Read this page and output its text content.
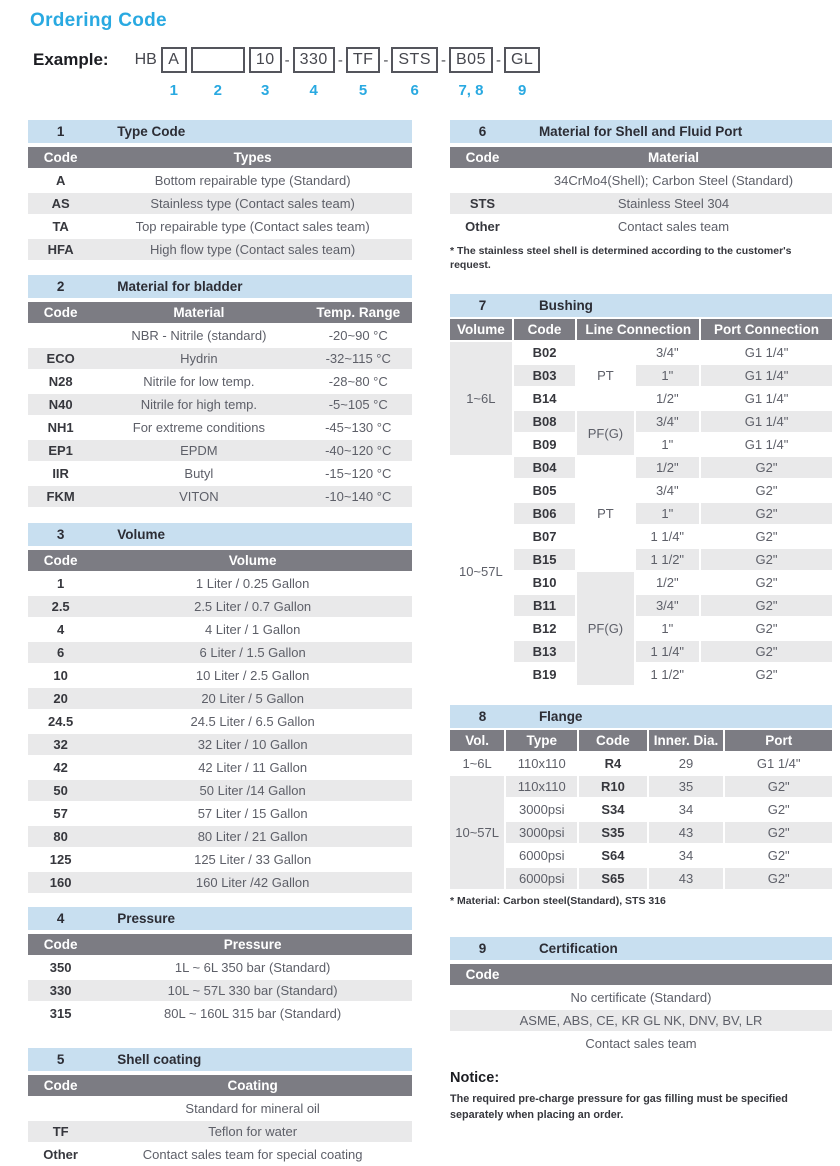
Ordering Code
Example: HB A
1 2
10
3
- 330
4
- TF
5
- STS
6
- B05
7, 8
- GL
9
1	Type Code
Code	Types
A	Bottom repairable type (Standard)
AS	Stainless type (Contact sales team)
TA	Top repairable type (Contact sales team)
HFA	High flow type (Contact sales team)
2	Material for bladder
Code	Material	Temp. Range
	NBR - Nitrile (standard)	-20~90 °C
ECO	Hydrin	-32~115 °C
N28	Nitrile for low temp.	-28~80 °C
N40	Nitrile for high temp.	-5~105 °C
NH1	For extreme conditions	-45~130 °C
EP1	EPDM	-40~120 °C
IIR	Butyl	-15~120 °C
FKM	VITON	-10~140 °C
3	Volume
Code	Volume
1	1 Liter / 0.25 Gallon
2.5	2.5 Liter / 0.7 Gallon
4	4 Liter / 1 Gallon
6	6 Liter / 1.5 Gallon
10	10 Liter / 2.5 Gallon
20	20 Liter / 5 Gallon
24.5	24.5 Liter / 6.5 Gallon
32	32 Liter / 10 Gallon
42	42 Liter / 11 Gallon
50	50 Liter /14 Gallon
57	57 Liter / 15 Gallon
80	80 Liter / 21 Gallon
125	125 Liter / 33 Gallon
160	160 Liter /42 Gallon
4	Pressure
Code	Pressure
350	1L ~ 6L 350 bar (Standard)
330	10L ~ 57L 330 bar (Standard)
315	80L ~ 160L 315 bar (Standard)
5	Shell coating
Code	Coating
	Standard for mineral oil
TF	Teflon for water
Other	Contact sales team for special coating
6	Material for Shell and Fluid Port
Code	Material
	34CrMo4(Shell); Carbon Steel (Standard)
STS	Stainless Steel 304
Other	Contact sales team
* The stainless steel shell is determined according to the customer's request.
7	Bushing
Volume	Code	Line Connection		Port Connection
1~6L	B02	PT	3/4"	G1 1/4"
	B03		1"	G1 1/4"
	B14		1/2"	G1 1/4"
	B08	PF(G)	3/4"	G1 1/4"
	B09		1"	G1 1/4"
10~57L	B04	PT	1/2"	G2"
	B05		3/4"	G2"
	B06		1"	G2"
	B07		1 1/4"	G2"
	B15		1 1/2"	G2"
	B10	PF(G)	1/2"	G2"
	B11		3/4"	G2"
	B12		1"	G2"
	B13		1 1/4"	G2"
	B19		1 1/2"	G2"
8	Flange
Vol.	Type	Code	Inner. Dia.	Port
1~6L	110x110	R4	29	G1 1/4"
10~57L	110x110	R10	35	G2"
	3000psi	S34	34	G2"
	3000psi	S35	43	G2"
	6000psi	S64	34	G2"
	6000psi	S65	43	G2"
* Material: Carbon steel(Standard), STS 316
9	Certification
Code	
No certificate (Standard)
ASME, ABS, CE, KR GL NK, DNV, BV, LR
Contact sales team
Notice:
The required pre-charge pressure for gas filling must be specified separately when placing an order.
